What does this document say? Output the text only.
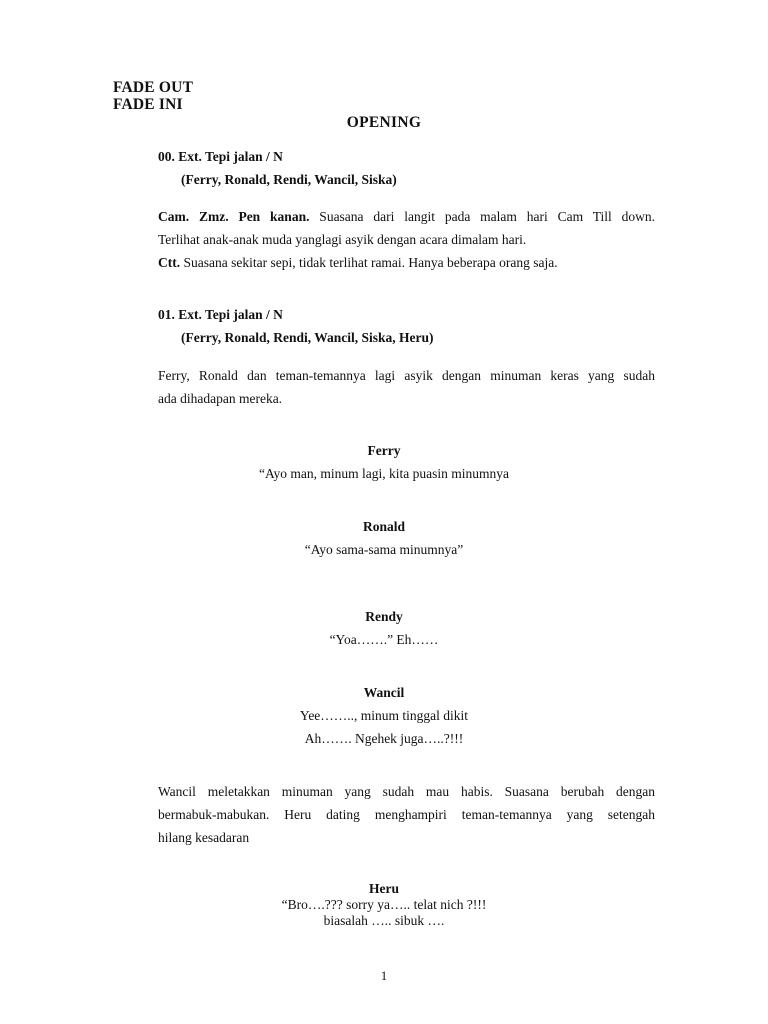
FADE OUT
FADE INI
OPENING
00. Ext. Tepi jalan / N
(Ferry, Ronald, Rendi, Wancil, Siska)

Cam. Zmz. Pen kanan. Suasana dari langit pada malam hari Cam Till down.

Terlihat anak-anak muda yanglagi asyik dengan acara dimalam hari.

Ctt. Suasana sekitar sepi, tidak terlihat ramai. Hanya beberapa orang saja.

01. Ext. Tepi jalan / N
(Ferry, Ronald, Rendi, Wancil, Siska, Heru)

Ferry, Ronald dan teman-temannya lagi asyik dengan minuman keras yang sudah

ada dihadapan mereka.

Ferry
“Ayo man, minum lagi, kita puasin minumnya
Ronald
“Ayo sama-sama minumnya”
Rendy
“Yoa…….” Eh……
Wancil
Yee…….., minum tinggal dikit
Ah……. Ngehek juga…..?!!!

Wancil meletakkan minuman yang sudah mau habis. Suasana berubah dengan

bermabuk-mabukan. Heru dating menghampiri teman-temannya yang setengah

hilang kesadaran

Heru
“Bro….??? sorry ya….. telat nich ?!!!
biasalah ….. sibuk ….
1
